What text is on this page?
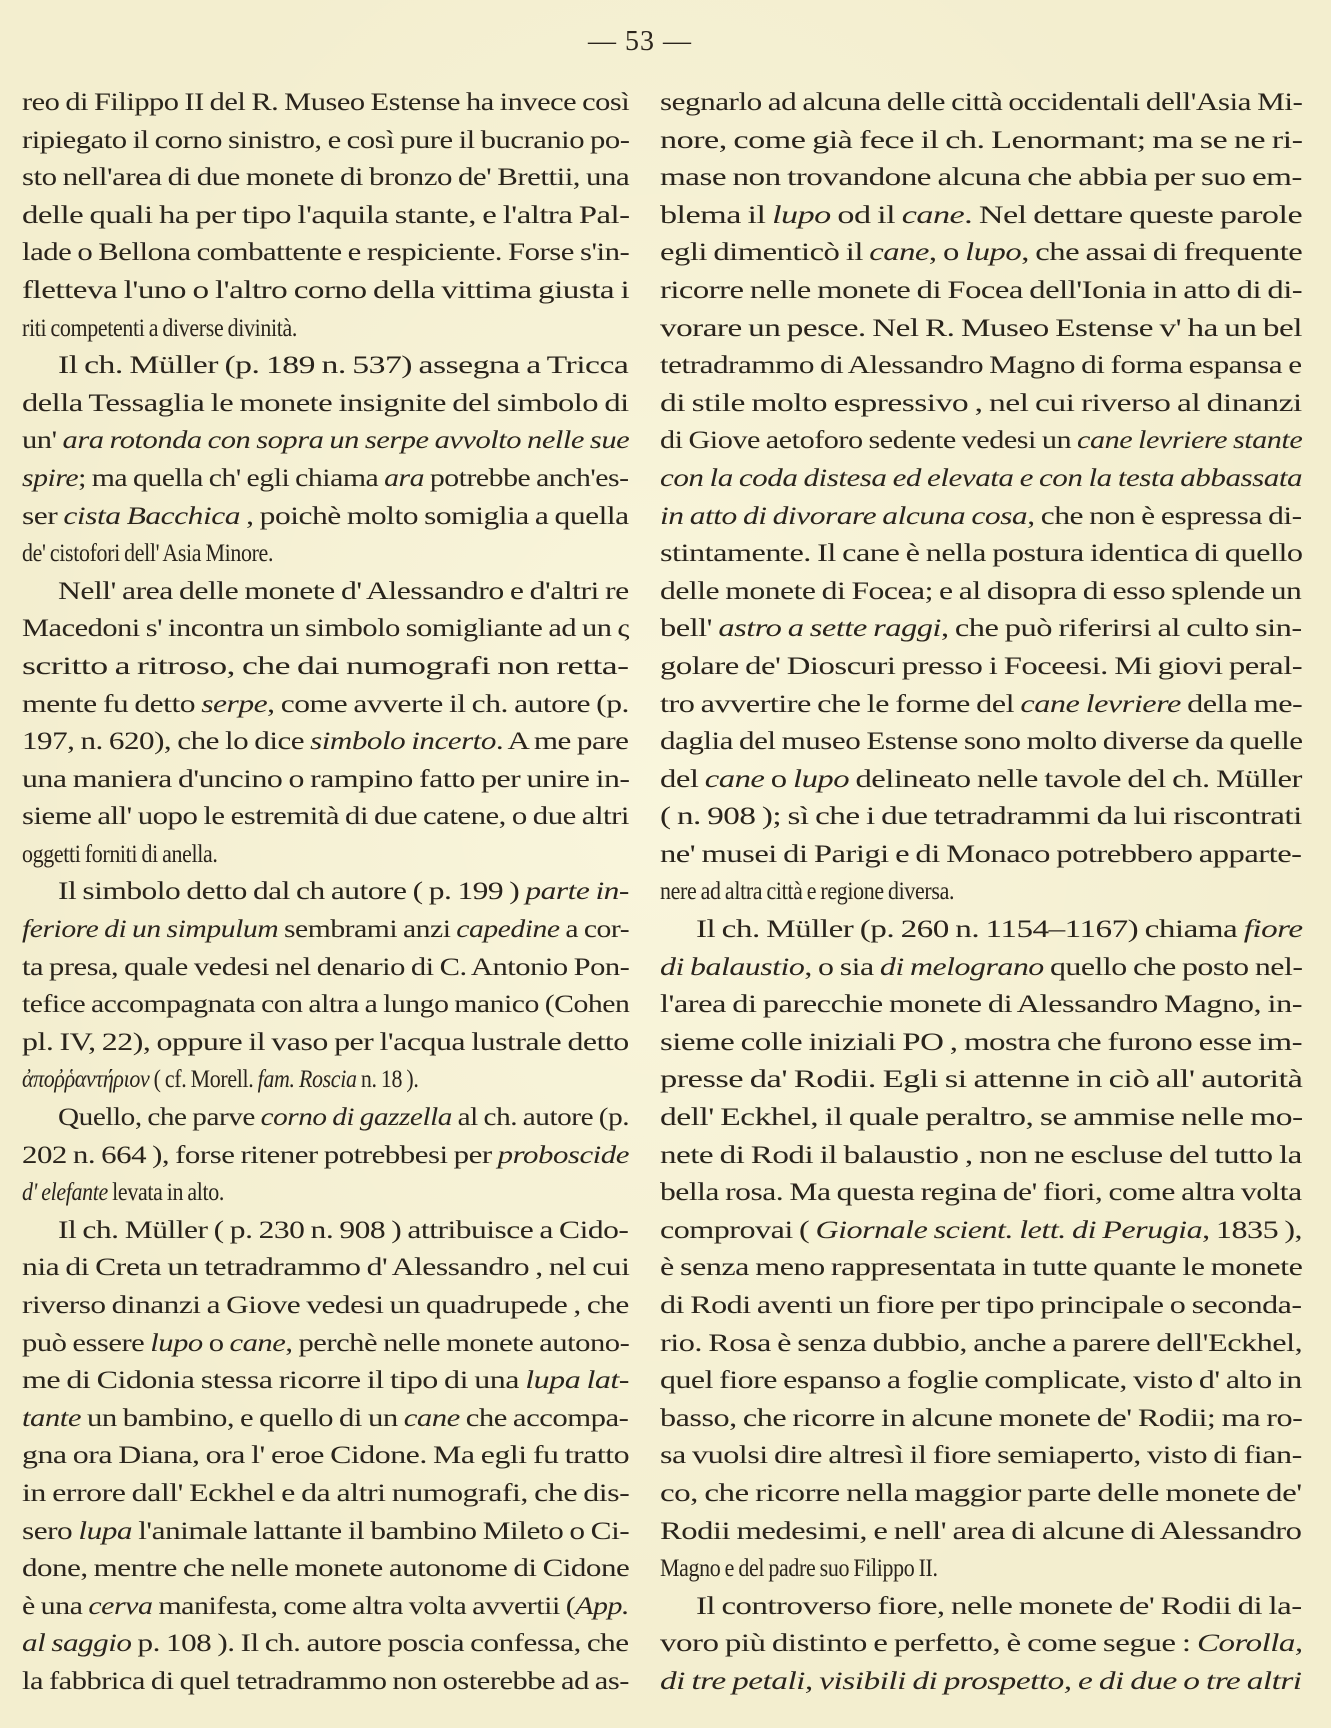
— 53 —
reo di Filippo II del R. Museo Estense ha invece così
ripiegato il corno sinistro, e così pure il bucranio po-
sto nell'area di due monete di bronzo de' Brettii, una
delle quali ha per tipo l'aquila stante, e l'altra Pal-
lade o Bellona combattente e respiciente. Forse s'in-
fletteva l'uno o l'altro corno della vittima giusta i
riti competenti a diverse divinità.
Il ch. Müller (p. 189 n. 537) assegna a Tricca
della Tessaglia le monete insignite del simbolo di
un' ara rotonda con sopra un serpe avvolto nelle sue
spire; ma quella ch' egli chiama ara potrebbe anch'es-
ser cista Bacchica , poichè molto somiglia a quella
de' cistofori dell' Asia Minore.
Nell' area delle monete d' Alessandro e d'altri re
Macedoni s' incontra un simbolo somigliante ad un ς
scritto a ritroso, che dai numografi non retta-
mente fu detto serpe, come avverte il ch. autore (p.
197, n. 620), che lo dice simbolo incerto. A me pare
una maniera d'uncino o rampino fatto per unire in-
sieme all' uopo le estremità di due catene, o due altri
oggetti forniti di anella.
Il simbolo detto dal ch autore ( p. 199 ) parte in-
feriore di un simpulum sembrami anzi capedine a cor-
ta presa, quale vedesi nel denario di C. Antonio Pon-
tefice accompagnata con altra a lungo manico (Cohen
pl. IV, 22), oppure il vaso per l'acqua lustrale detto
ἀποῤῥαντήριον ( cf. Morell. fam. Roscia n. 18 ).
Quello, che parve corno di gazzella al ch. autore (p.
202 n. 664 ), forse ritener potrebbesi per proboscide
d' elefante levata in alto.
Il ch. Müller ( p. 230 n. 908 ) attribuisce a Cido-
nia di Creta un tetradrammo d' Alessandro , nel cui
riverso dinanzi a Giove vedesi un quadrupede , che
può essere lupo o cane, perchè nelle monete autono-
me di Cidonia stessa ricorre il tipo di una lupa lat-
tante un bambino, e quello di un cane che accompa-
gna ora Diana, ora l' eroe Cidone. Ma egli fu tratto
in errore dall' Eckhel e da altri numografi, che dis-
sero lupa l'animale lattante il bambino Mileto o Ci-
done, mentre che nelle monete autonome di Cidone
è una cerva manifesta, come altra volta avvertii (App.
al saggio p. 108 ). Il ch. autore poscia confessa, che
la fabbrica di quel tetradrammo non osterebbe ad as-
segnarlo ad alcuna delle città occidentali dell'Asia Mi-
nore, come già fece il ch. Lenormant; ma se ne ri-
mase non trovandone alcuna che abbia per suo em-
blema il lupo od il cane. Nel dettare queste parole
egli dimenticò il cane, o lupo, che assai di frequente
ricorre nelle monete di Focea dell'Ionia in atto di di-
vorare un pesce. Nel R. Museo Estense v' ha un bel
tetradrammo di Alessandro Magno di forma espansa e
di stile molto espressivo , nel cui riverso al dinanzi
di Giove aetoforo sedente vedesi un cane levriere stante
con la coda distesa ed elevata e con la testa abbassata
in atto di divorare alcuna cosa, che non è espressa di-
stintamente. Il cane è nella postura identica di quello
delle monete di Focea; e al disopra di esso splende un
bell' astro a sette raggi, che può riferirsi al culto sin-
golare de' Dioscuri presso i Foceesi. Mi giovi peral-
tro avvertire che le forme del cane levriere della me-
daglia del museo Estense sono molto diverse da quelle
del cane o lupo delineato nelle tavole del ch. Müller
( n. 908 ); sì che i due tetradrammi da lui riscontrati
ne' musei di Parigi e di Monaco potrebbero apparte-
nere ad altra città e regione diversa.
Il ch. Müller (p. 260 n. 1154–1167) chiama fiore
di balaustio, o sia di melograno quello che posto nel-
l'area di parecchie monete di Alessandro Magno, in-
sieme colle iniziali PO , mostra che furono esse im-
presse da' Rodii. Egli si attenne in ciò all' autorità
dell' Eckhel, il quale peraltro, se ammise nelle mo-
nete di Rodi il balaustio , non ne escluse del tutto la
bella rosa. Ma questa regina de' fiori, come altra volta
comprovai ( Giornale scient. lett. di Perugia, 1835 ),
è senza meno rappresentata in tutte quante le monete
di Rodi aventi un fiore per tipo principale o seconda-
rio. Rosa è senza dubbio, anche a parere dell'Eckhel,
quel fiore espanso a foglie complicate, visto d' alto in
basso, che ricorre in alcune monete de' Rodii; ma ro-
sa vuolsi dire altresì il fiore semiaperto, visto di fian-
co, che ricorre nella maggior parte delle monete de'
Rodii medesimi, e nell' area di alcune di Alessandro
Magno e del padre suo Filippo II.
Il controverso fiore, nelle monete de' Rodii di la-
voro più distinto e perfetto, è come segue : Corolla,
di tre petali, visibili di prospetto, e di due o tre altri
